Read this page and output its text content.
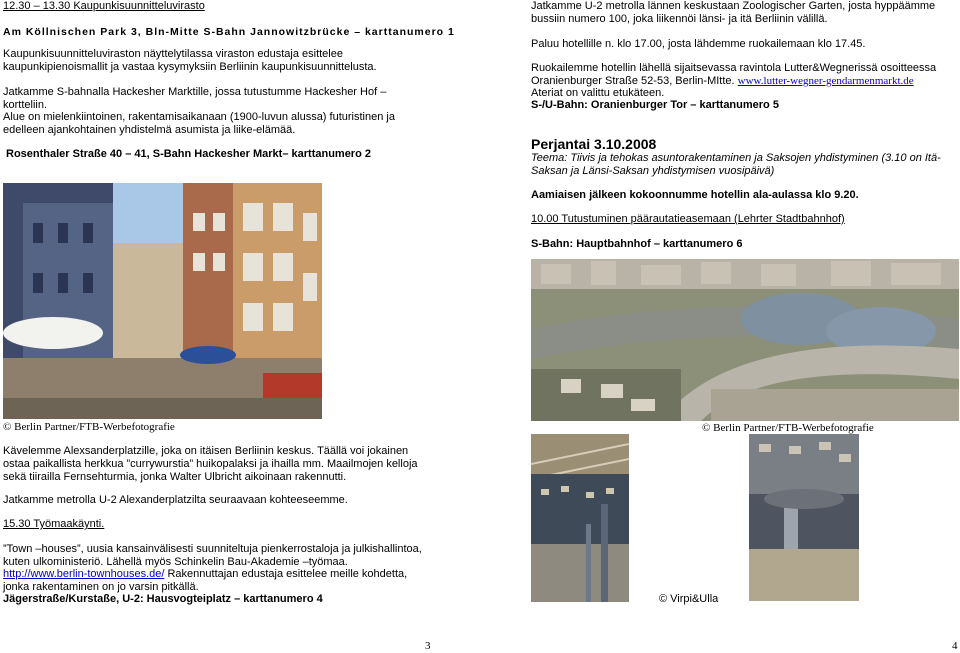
12.30 – 13.30 Kaupunkisuunnitteluvirasto

Am Köllnischen Park 3, Bln-Mitte S-Bahn Jannowitzbrücke – karttanumero 1

Kaupunkisuunnitteluviraston näyttelytilassa viraston edustaja esittelee kaupunkipienoismallit ja vastaa kysymyksiin Berliinin kaupunkisuunnittelusta.

Jatkamme S-bahnalla Hackesher Marktille, jossa tutustumme Hackesher Hof – kortteliin.

Alue on mielenkiintoinen, rakentamisaikanaan (1900-luvun alussa) futuristinen ja edelleen ajankohtainen yhdistelmä asumista ja liike-elämää.

Rosenthaler Straße 40 – 41, S-Bahn Hackesher Markt– karttanumero 2

© Berlin Partner/FTB-Werbefotografie

Kävelemme Alexsanderplatzille, joka on itäisen Berliinin keskus. Täällä voi jokainen ostaa paikallista herkkua ”currywurstia” huikopalaksi ja ihailla mm. Maailmojen kelloja sekä tiirailla Fernsehturmia, jonka Walter Ulbricht aikoinaan rakennutti.

Jatkamme metrolla U-2 Alexanderplatzilta seuraavaan kohteeseemme.

15.30 Työmaakäynti.

”Town –houses”, uusia kansainvälisesti suunniteltuja pienkerrostaloja ja julkishallintoa, kuten ulkoministeriö. Lähellä myös Schinkelin Bau-Akademie –työmaa.

http://www.berlin-townhouses.de/ Rakennuttajan edustaja esittelee meille kohdetta, jonka rakentaminen on jo varsin pitkällä.

Jägerstraße/Kurstaße, U-2: Hausvogteiplatz – karttanumero 4

3

Jatkamme U-2 metrolla lännen keskustaan Zoologischer Garten, josta hyppäämme bussiin numero 100, joka liikennöi länsi- ja itä Berliinin välillä.

Paluu hotellille n. klo 17.00, josta lähdemme ruokailemaan klo 17.45.

Ruokailemme hotellin lähellä sijaitsevassa ravintola Lutter&Wegnerissä osoitteessa Oranienburger Straße 52-53, Berlin-MItte. www.lutter-wegner-gendarmenmarkt.de

Ateriat on valittu etukäteen.

S-/U-Bahn: Oranienburger Tor – karttanumero 5

Perjantai 3.10.2008

Teema: Tiivis ja tehokas asuntorakentaminen ja Saksojen yhdistyminen (3.10 on Itä-Saksan ja Länsi-Saksan yhdistymisen vuosipäivä)

Aamiaisen jälkeen kokoonnumme hotellin ala-aulassa klo 9.20.

10.00 Tutustuminen päärautatieasemaan (Lehrter Stadtbahnhof)

S-Bahn: Hauptbahnhof – karttanumero 6

© Berlin Partner/FTB-Werbefotografie

© Virpi&Ulla

4
